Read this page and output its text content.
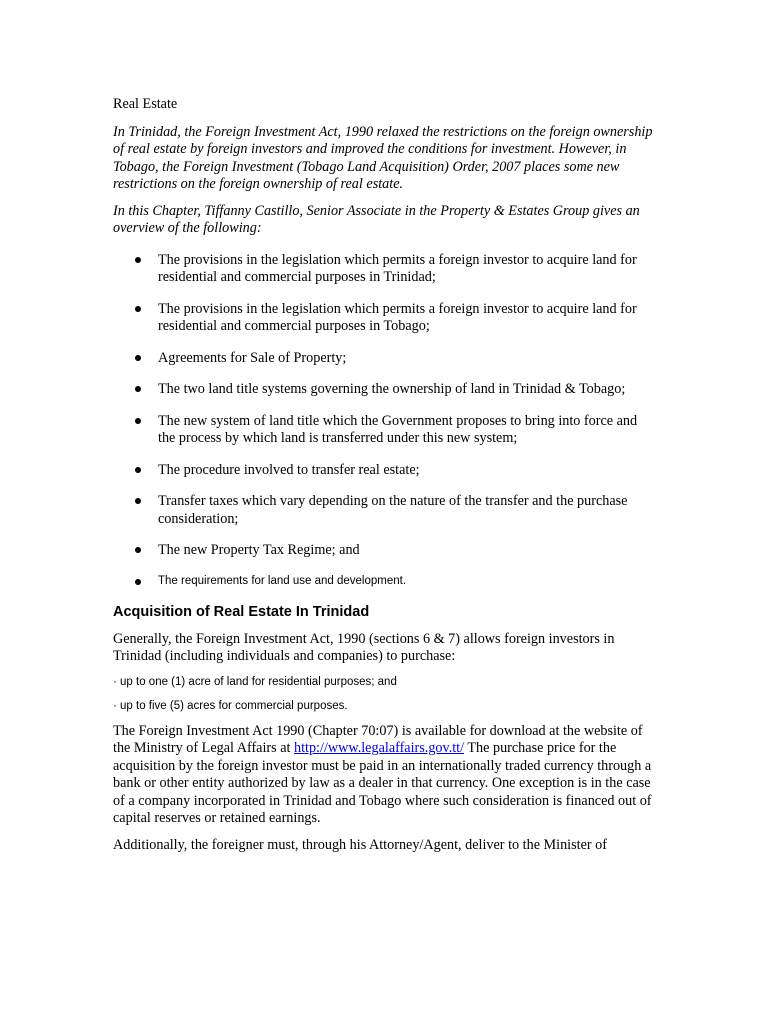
Real Estate

In Trinidad, the Foreign Investment Act, 1990 relaxed the restrictions on the foreign ownership of real estate by foreign investors and improved the conditions for investment. However, in Tobago, the Foreign Investment (Tobago Land Acquisition) Order, 2007 places some new restrictions on the foreign ownership of real estate.

In this Chapter, Tiffanny Castillo, Senior Associate in the Property & Estates Group gives an overview of the following:

The provisions in the legislation which permits a foreign investor to acquire land for residential and commercial purposes in Trinidad;
The provisions in the legislation which permits a foreign investor to acquire land for residential and commercial purposes in Tobago;
Agreements for Sale of Property;
The two land title systems governing the ownership of land in Trinidad & Tobago;
The new system of land title which the Government proposes to bring into force and the process by which land is transferred under this new system;
The procedure involved to transfer real estate;
Transfer taxes which vary depending on the nature of the transfer and the purchase consideration;
The new Property Tax Regime; and
The requirements for land use and development.
Acquisition of Real Estate In Trinidad

Generally, the Foreign Investment Act, 1990 (sections 6 & 7) allows foreign investors in Trinidad (including individuals and companies) to purchase:

· up to one (1) acre of land for residential purposes; and

· up to five (5) acres for commercial purposes.

The Foreign Investment Act 1990 (Chapter 70:07) is available for download at the website of the Ministry of Legal Affairs at http://www.legalaffairs.gov.tt/ The purchase price for the acquisition by the foreign investor must be paid in an internationally traded currency through a bank or other entity authorized by law as a dealer in that currency. One exception is in the case of a company incorporated in Trinidad and Tobago where such consideration is financed out of capital reserves or retained earnings.

Additionally, the foreigner must, through his Attorney/Agent, deliver to the Minister of
